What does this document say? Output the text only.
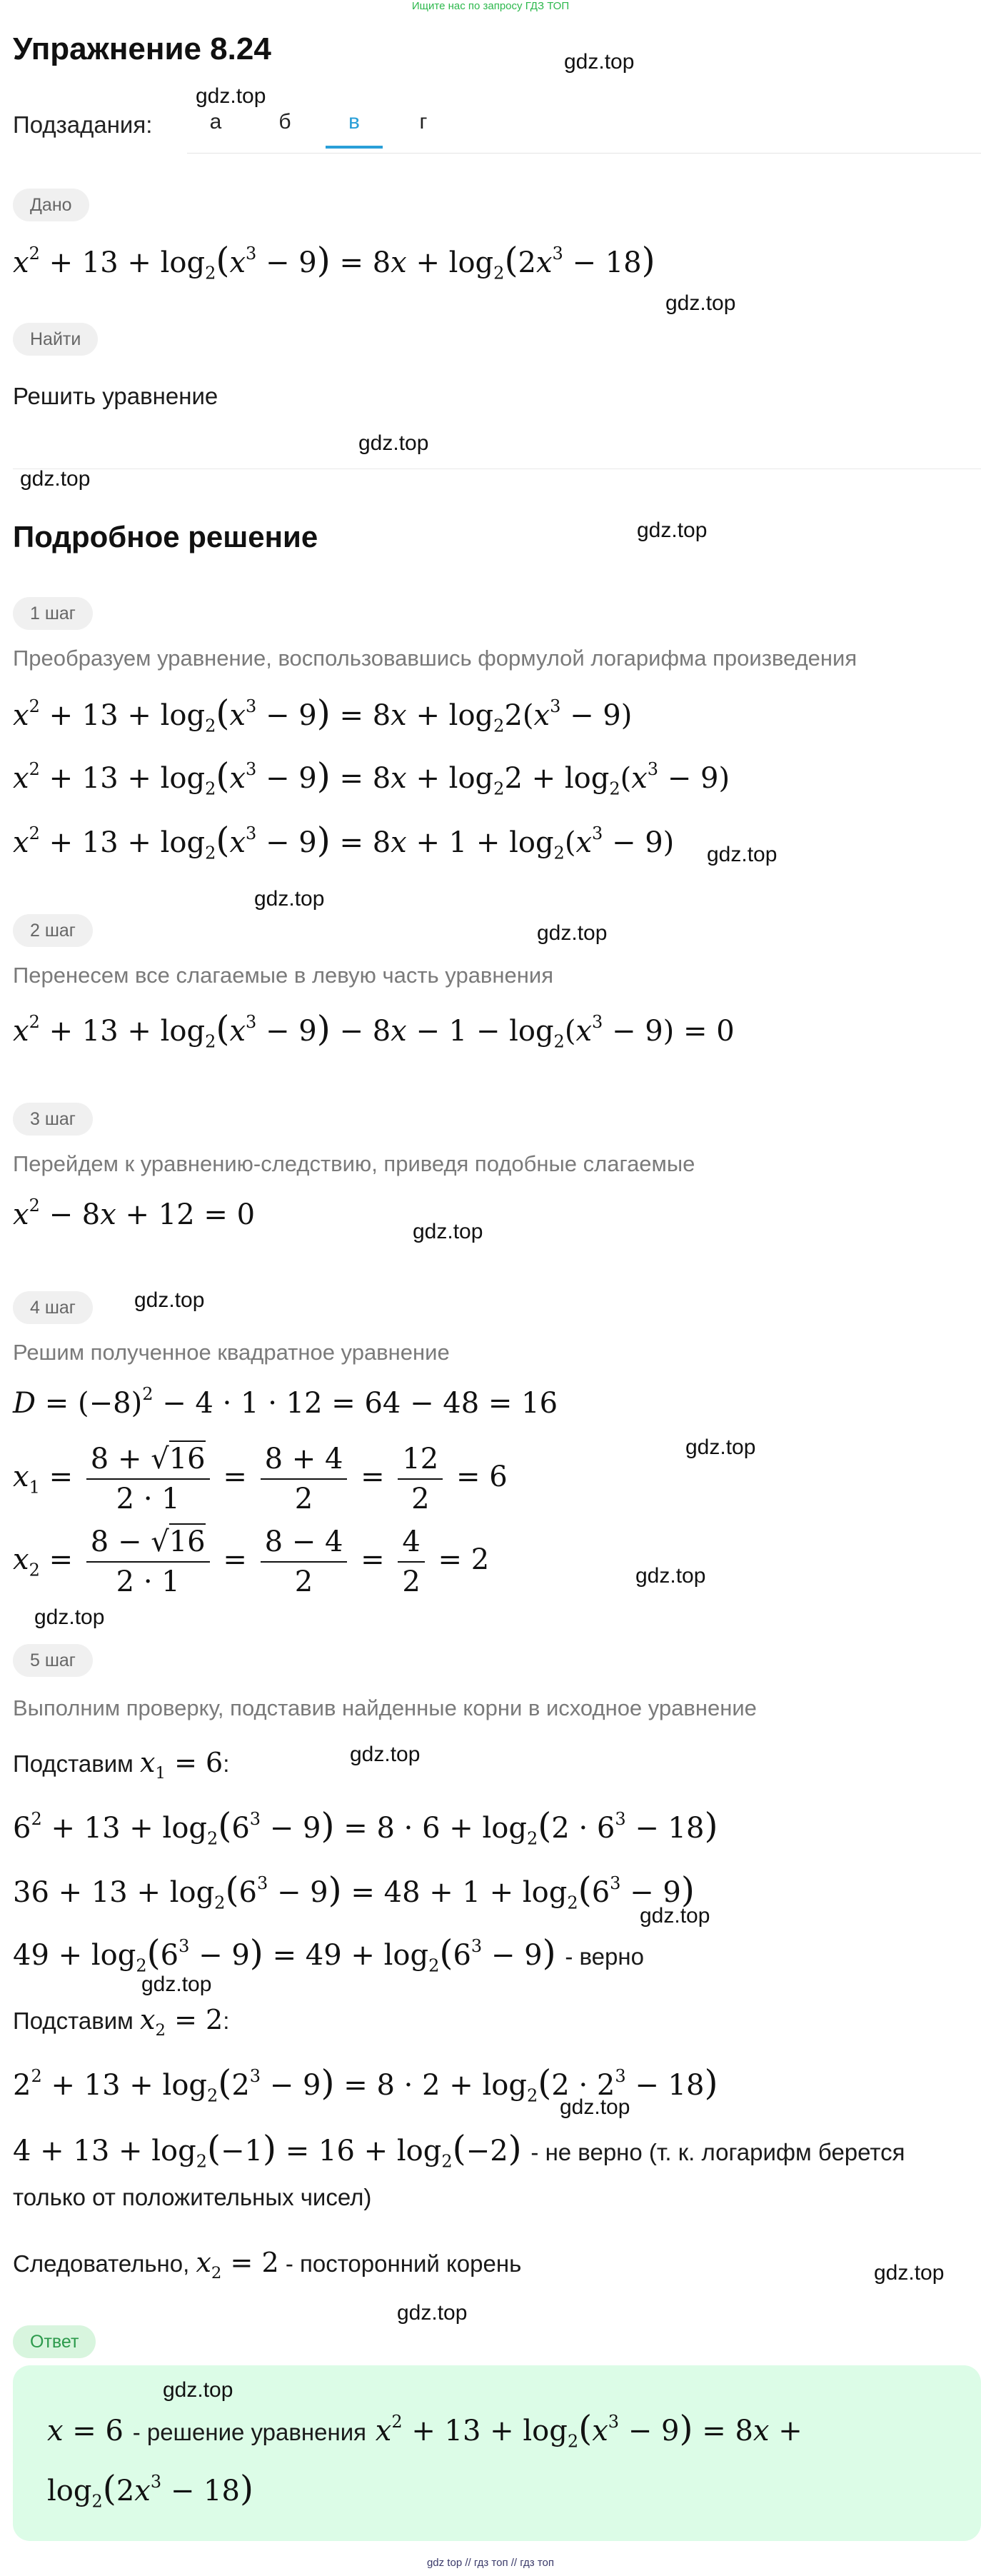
Ищите нас по запросу ГДЗ ТОП
Упражнение 8.24
Подзадания:	а	б	в	г
Дано
$x^2 + 13 + \log_2(x^3 - 9) = 8x + \log_2(2x^3 - 18)$
Найти
Решить уравнение
Подробное решение
1 шаг
Преобразуем уравнение, воспользовавшись формулой логарифма произведения
$x^2 + 13 + \log_2(x^3 - 9) = 8x + \log_22(x^3 - 9)$
$x^2 + 13 + \log_2(x^3 - 9) = 8x + \log_22 + \log_2(x^3 - 9)$
$x^2 + 13 + \log_2(x^3 - 9) = 8x + 1 + \log_2(x^3 - 9)$
2 шаг
Перенесем все слагаемые в левую часть уравнения
$x^2 + 13 + \log_2(x^3 - 9) - 8x - 1 - \log_2(x^3 - 9) = 0$
3 шаг
Перейдем к уравнению-следствию, приведя подобные слагаемые
$x^2 - 8x + 12 = 0$
4 шаг
Решим полученное квадратное уравнение
$D = (-8)^2 - 4 \cdot 1 \cdot 12 = 64 - 48 = 16$
$x_1 = \frac{8 + √16}{2 \cdot 1} = \frac{8 + 4}{2} = \frac{12}{2} = 6$
$x_2 = \frac{8 - √16}{2 \cdot 1} = \frac{8 - 4}{2} = \frac{4}{2} = 2$
5 шаг
Выполним проверку, подставив найденные корни в исходное уравнение
Подставим $x_1 = 6$:
$6^2 + 13 + \log_2(6^3 - 9) = 8 \cdot 6 + \log_2(2 \cdot 6^3 - 18)$
$36 + 13 + \log_2(6^3 - 9) = 48 + 1 + \log_2(6^3 - 9)$
$49 + \log_2(6^3 - 9) = 49 + \log_2(6^3 - 9)$ - верно
Подставим $x_2 = 2$:
$2^2 + 13 + \log_2(2^3 - 9) = 8 \cdot 2 + \log_2(2 \cdot 2^3 - 18)$
$4 + 13 + \log_2(-1) = 16 + \log_2(-2)$ - не верно (т. к. логарифм берется
только от положительных чисел)
Следовательно, $x_2 = 2$ - посторонний корень
Ответ
x = 6 - решение уравнения $x^2 + 13 + \log_2(x^3 - 9) = 8x$ +
$\log_2(2x^3 - 18)$
gdz.top
gdz.top
gdz.top
gdz.top
gdz.top
gdz.top
gdz.top
gdz.top
gdz.top
gdz.top
gdz.top
gdz.top
gdz.top
gdz.top
gdz.top
gdz.top
gdz.top
gdz.top
gdz.top
gdz.top
gdz.top
gdz top // гдз топ // гдз топ
